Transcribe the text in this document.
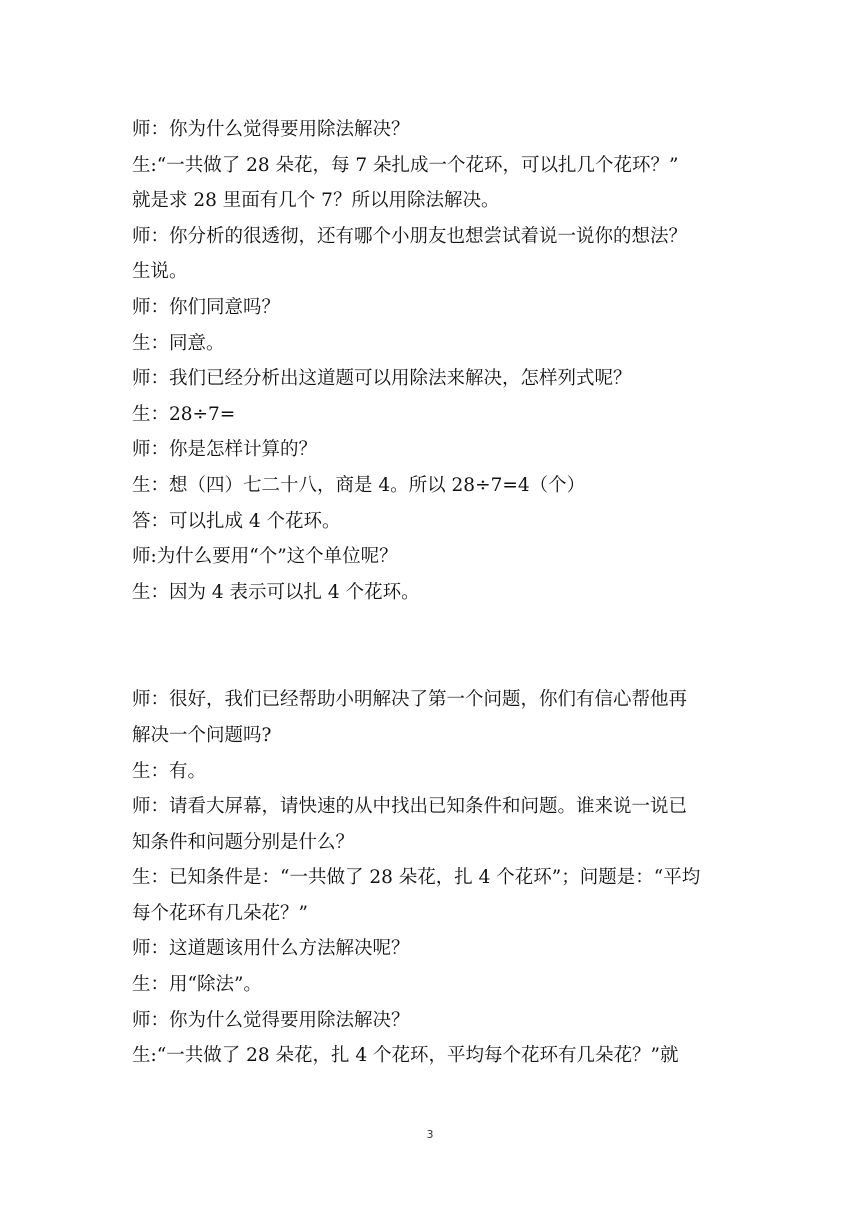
师：你为什么觉得要用除法解决？
生:“一共做了 28 朵花，每 7 朵扎成一个花环，可以扎几个花环？”
就是求 28 里面有几个 7？所以用除法解决。
师：你分析的很透彻，还有哪个小朋友也想尝试着说一说你的想法？
生说。
师：你们同意吗？
生：同意。
师：我们已经分析出这道题可以用除法来解决，怎样列式呢？
生：28÷7=
师：你是怎样计算的？
生：想（四）七二十八，商是 4。所以 28÷7=4（个）
答：可以扎成 4 个花环。
师:为什么要用“个”这个单位呢？
生：因为 4 表示可以扎 4 个花环。
师：很好，我们已经帮助小明解决了第一个问题，你们有信心帮他再
解决一个问题吗?
生：有。
师：请看大屏幕，请快速的从中找出已知条件和问题。谁来说一说已
知条件和问题分别是什么？
生：已知条件是：“一共做了 28 朵花，扎 4 个花环”；问题是：“平均
每个花环有几朵花？”
师：这道题该用什么方法解决呢？
生：用“除法”。
师：你为什么觉得要用除法解决？
生:“一共做了 28 朵花，扎 4 个花环，平均每个花环有几朵花？”就
3
